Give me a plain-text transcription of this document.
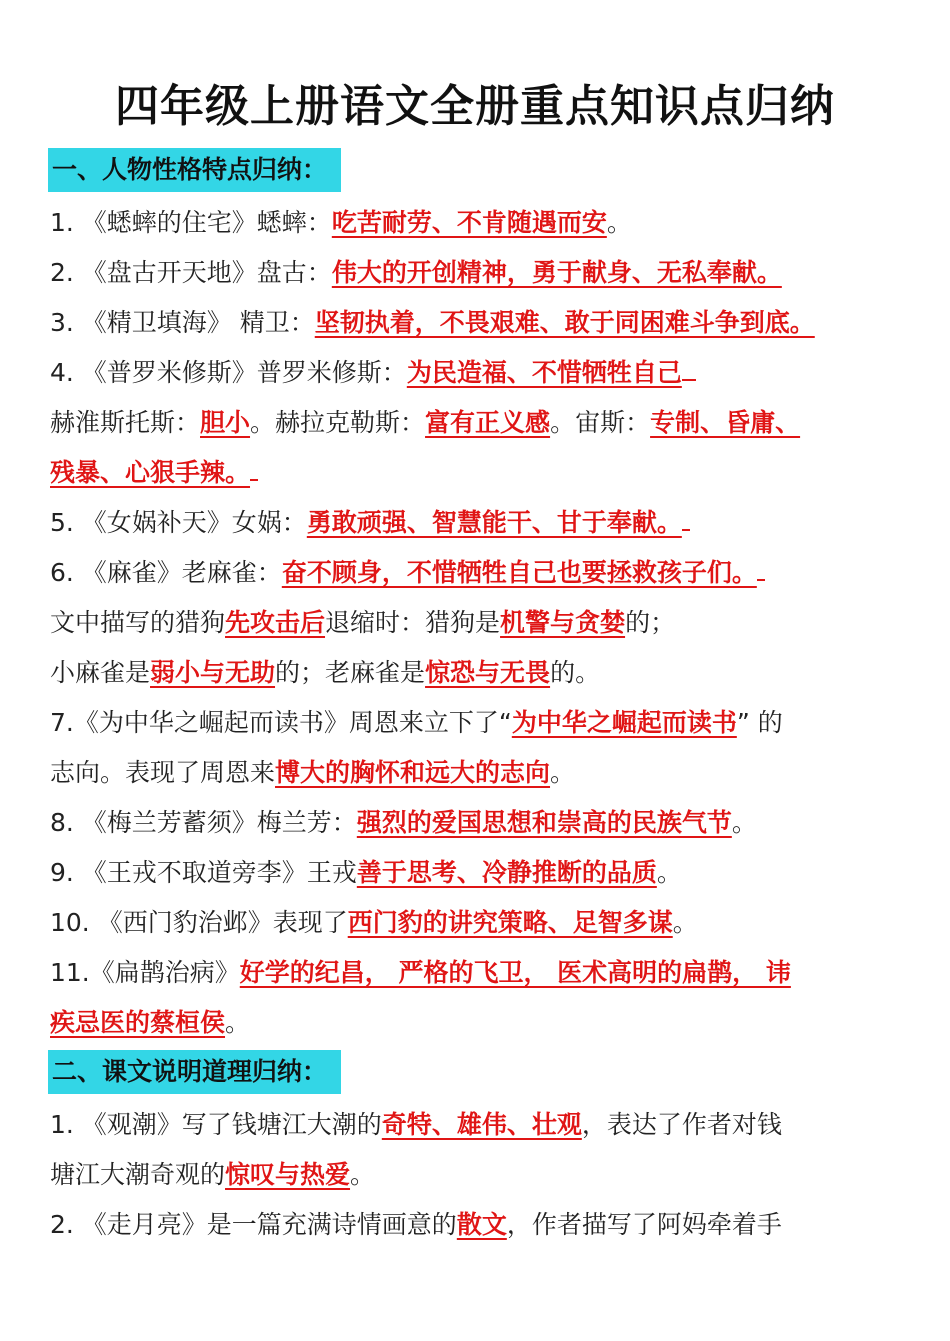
四年级上册语文全册重点知识点归纳
一、人物性格特点归纳：
1. 《蟋蟀的住宅》蟋蟀：吃苦耐劳、不肯随遇而安。
2. 《盘古开天地》盘古：伟大的开创精神，勇于献身、无私奉献。
3. 《精卫填海》 精卫：坚韧执着，不畏艰难、敢于同困难斗争到底。
4. 《普罗米修斯》普罗米修斯：为民造福、不惜牺牲自己
赫淮斯托斯：胆小。赫拉克勒斯：富有正义感。宙斯：专制、昏庸、
残暴、心狠手辣。
5. 《女娲补天》女娲：勇敢顽强、智慧能干、甘于奉献。
6. 《麻雀》老麻雀：奋不顾身，不惜牺牲自己也要拯救孩子们。
文中描写的猎狗先攻击后退缩时：猎狗是机警与贪婪的；
小麻雀是弱小与无助的；老麻雀是惊恐与无畏的。
7.《为中华之崛起而读书》周恩来立下了“为中华之崛起而读书” 的
志向。表现了周恩来博大的胸怀和远大的志向。
8. 《梅兰芳蓄须》梅兰芳：强烈的爱国思想和崇高的民族气节。
9. 《王戎不取道旁李》王戎善于思考、冷静推断的品质。
10. 《西门豹治邺》表现了西门豹的讲究策略、足智多谋。
11.《扁鹊治病》好学的纪昌， 严格的飞卫， 医术高明的扁鹊， 讳
疾忌医的蔡桓侯。
二、课文说明道理归纳：
1. 《观潮》写了钱塘江大潮的奇特、雄伟、壮观，表达了作者对钱
塘江大潮奇观的惊叹与热爱。
2. 《走月亮》是一篇充满诗情画意的散文，作者描写了阿妈牵着手
